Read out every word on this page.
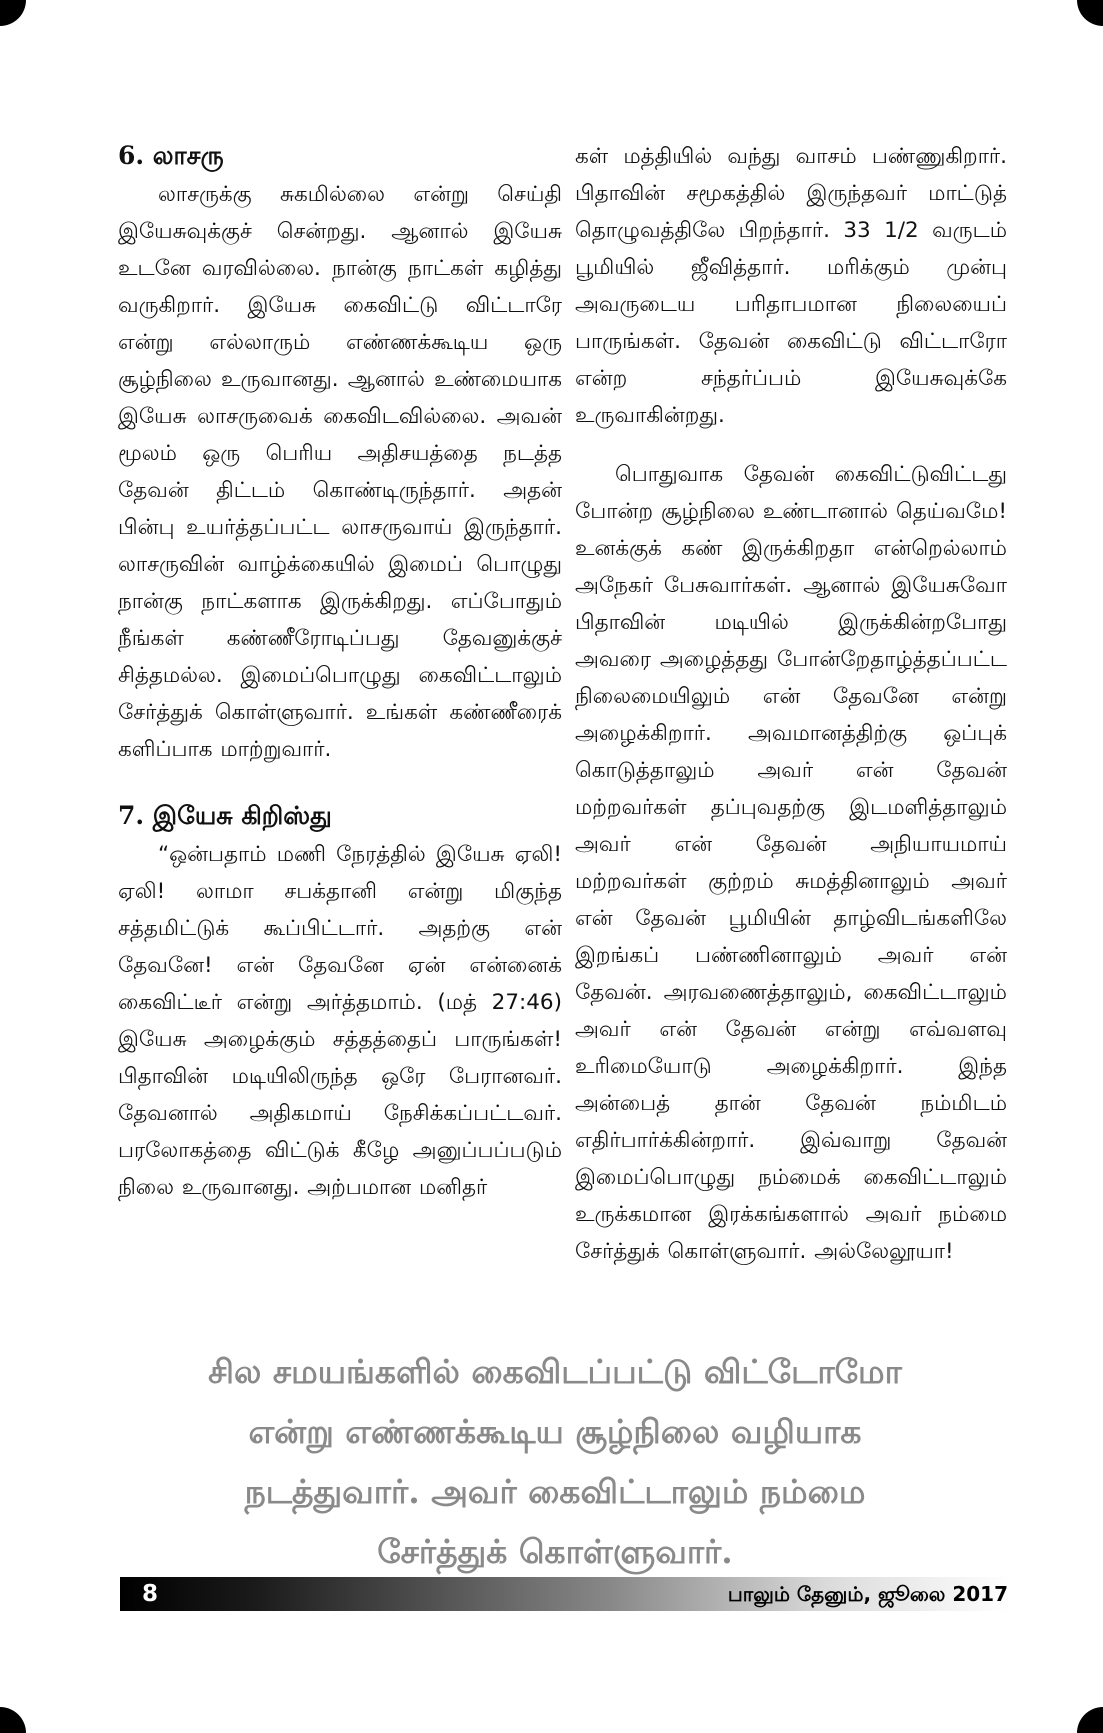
6. லாசரு

லாசருக்கு சுகமில்லை என்று செய்தி இயேசுவுக்குச் சென்றது. ஆனால் இயேசு உடனே வரவில்லை. நான்கு நாட்கள் கழித்து வருகிறார். இயேசு கைவிட்டு விட்டாரே என்று எல்லாரும் எண்ணக்கூடிய ஒரு சூழ்நிலை உருவானது. ஆனால் உண்மையாக இயேசு லாசருவைக் கைவிடவில்லை. அவன் மூலம் ஒரு பெரிய அதிசயத்தை நடத்த தேவன் திட்டம் கொண்டிருந்தார். அதன் பின்பு உயர்த்தப்பட்ட லாசருவாய் இருந்தார். லாசருவின் வாழ்க்கையில் இமைப் பொழுது நான்கு நாட்களாக இருக்கிறது. எப்போதும் நீங்கள் கண்ணீரோடிப்பது தேவனுக்குச் சித்தமல்ல. இமைப்பொழுது கைவிட்டாலும் சேர்த்துக் கொள்ளுவார். உங்கள் கண்ணீரைக் களிப்பாக மாற்றுவார்.

7. இயேசு கிறிஸ்து

“ஒன்பதாம் மணி நேரத்தில் இயேசு ஏலி! ஏலி! லாமா சபக்தானி என்று மிகுந்த சத்தமிட்டுக் கூப்பிட்டார். அதற்கு என் தேவனே! என் தேவனே ஏன் என்னைக் கைவிட்டீர் என்று அர்த்தமாம். (மத் 27:46) இயேசு அழைக்கும் சத்தத்தைப் பாருங்கள்! பிதாவின் மடியிலிருந்த ஒரே பேரானவர். தேவனால் அதிகமாய் நேசிக்கப்பட்டவர். பரலோகத்தை விட்டுக் கீழே அனுப்பப்படும் நிலை உருவானது. அற்பமான மனிதர்

கள் மத்தியில் வந்து வாசம் பண்ணுகிறார். பிதாவின் சமூகத்தில் இருந்தவர் மாட்டுத் தொழுவத்திலே பிறந்தார். 33 1/2 வருடம் பூமியில் ஜீவித்தார். மரிக்கும் முன்பு அவருடைய பரிதாபமான நிலையைப் பாருங்கள். தேவன் கைவிட்டு விட்டாரோ என்ற சந்தர்ப்பம் இயேசுவுக்கே உருவாகின்றது.

பொதுவாக தேவன் கைவிட்டுவிட்டது போன்ற சூழ்நிலை உண்டானால் தெய்வமே! உனக்குக் கண் இருக்கிறதா என்றெல்லாம் அநேகர் பேசுவார்கள். ஆனால் இயேசுவோ பிதாவின் மடியில் இருக்கின்றபோது அவரை அழைத்தது போன்றேதாழ்த்தப்பட்ட நிலைமையிலும் என் தேவனே என்று அழைக்கிறார். அவமானத்திற்கு ஒப்புக் கொடுத்தாலும் அவர் என் தேவன் மற்றவர்கள் தப்புவதற்கு இடமளித்தாலும் அவர் என் தேவன் அநியாயமாய் மற்றவர்கள் குற்றம் சுமத்தினாலும் அவர் என் தேவன் பூமியின் தாழ்விடங்களிலே இறங்கப் பண்ணினாலும் அவர் என் தேவன். அரவணைத்தாலும், கைவிட்டாலும் அவர் என் தேவன் என்று எவ்வளவு உரிமையோடு அழைக்கிறார். இந்த அன்பைத் தான் தேவன் நம்மிடம் எதிர்பார்க்கின்றார். இவ்வாறு தேவன் இமைப்பொழுது நம்மைக் கைவிட்டாலும் உருக்கமான இரக்கங்களால் அவர் நம்மை சேர்த்துக் கொள்ளுவார். அல்லேலூயா!

சில சமயங்களில் கைவிடப்பட்டு விட்டோமோ
என்று எண்ணக்கூடிய சூழ்நிலை வழியாக
நடத்துவார். அவர் கைவிட்டாலும் நம்மை
சேர்த்துக் கொள்ளுவார்.
8	பாலும் தேனும், ஜூலை 2017
